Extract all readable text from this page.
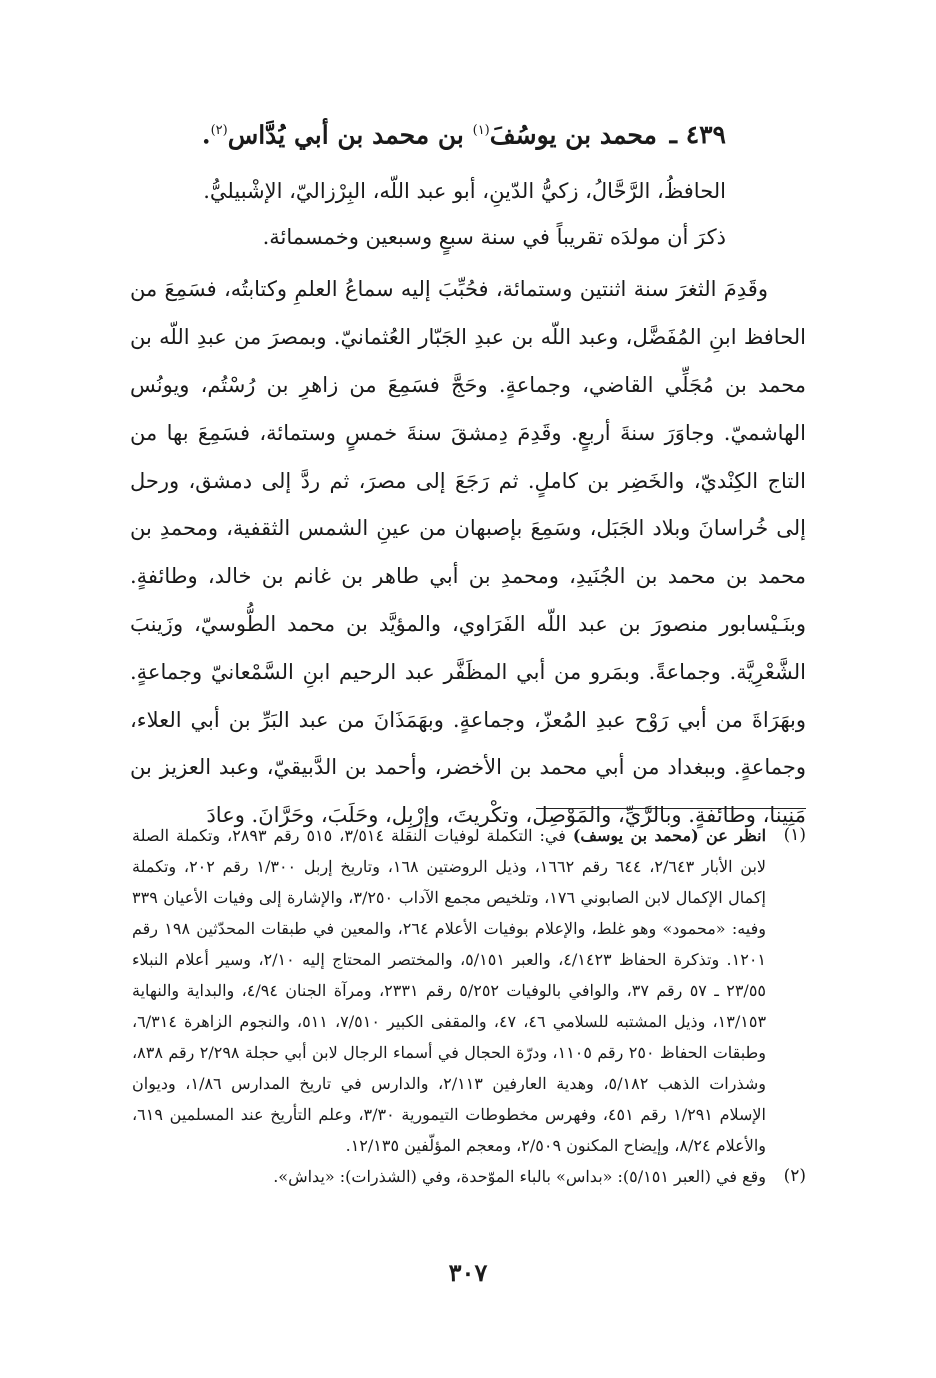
٤٣٩ ـ محمد بن يوسُفَ$^{(١)}$ بن محمد بن أبي يُدَّاس$^{(٢)}$.

الحافظُ، الرَّحَّالُ، زكيُّ الدّينِ، أبو عبد اللّه، البِرْزاليّ، الإشْبيليُّ.

ذكرَ أن مولدَه تقريباً في سنة سبعٍ وسبعين وخمسمائة.

وقَدِمَ الثغرَ سنة اثنتين وستمائة، فحُبِّبَ إليه سماعُ العلمِ وكتابتُه، فسَمِعَ من الحافظ ابنِ المُفَضَّل، وعبد اللّه بن عبدِ الجَبّار العُثمانيّ. وبمصرَ من عبدِ اللّه بن محمد بن مُجَلِّي القاضي، وجماعةٍ. وحَجَّ فسَمِعَ من زاهرِ بن رُسْتُم، ويونُس الهاشميّ. وجاوَرَ سنةَ أربعٍ. وقَدِمَ دِمشقَ سنةَ خمسٍ وستمائة، فسَمِعَ بها من التاج الكِنْديّ، والخَضِر بن كاملٍ. ثم رَجَعَ إلى مصرَ، ثم ردَّ إلى دمشق، ورحل إلى خُراسانَ وبلاد الجَبَل، وسَمِعَ بإصبهان من عينِ الشمس الثقفية، ومحمدِ بن محمد بن محمد بن الجُنَيدِ، ومحمدِ بن أبي طاهر بن غانم بن خالد، وطائفةٍ. وبنَـيْسابور منصورَ بن عبد اللّه الفَرَاوي، والمؤيَّد بن محمد الطُّوسيّ، وزَينبَ الشَّعْرِيَّة. وجماعةً. وبمَرو من أبي المظَفَّر عبد الرحيم ابنِ السَّمْعانيّ وجماعةٍ. وبهَرَاةَ من أبي رَوْح عبدِ المُعزّ، وجماعةٍ. وبهَمَذَانَ من عبد البَرِّ بن أبي العلاء، وجماعةٍ. وببغداد من أبي محمد بن الأخضر، وأحمد بن الدَّبيقيّ، وعبد العزيز بن مَنِينا، وطائفةٍ. وبالرَّيِّ، والمَوْصِل، وتكْريتَ، وإرْبِل، وحَلَبَ، وحَرَّانَ. وعادَ

(١)
انظر عن (محمد بن يوسف) في: التكملة لوفيات النقلة ٣/٥١٤، ٥١٥ رقم ٢٨٩٣، وتكملة الصلة لابن الأبار ٢/٦٤٣، ٦٤٤ رقم ١٦٦٢، وذيل الروضتين ١٦٨، وتاريخ إربل ١/٣٠٠ رقم ٢٠٢، وتكملة إكمال الإكمال لابن الصابوني ١٧٦، وتلخيص مجمع الآداب ٣/٢٥٠، والإشارة إلى وفيات الأعيان ٣٣٩ وفيه: «محمود» وهو غلط، والإعلام بوفيات الأعلام ٢٦٤، والمعين في طبقات المحدّثين ١٩٨ رقم ١٢٠١. وتذكرة الحفاظ ٤/١٤٢٣، والعبر ٥/١٥١، والمختصر المحتاج إليه ٢/١٠، وسير أعلام النبلاء ٢٣/٥٥ ـ ٥٧ رقم ٣٧، والوافي بالوفيات ٥/٢٥٢ رقم ٢٣٣١، ومرآة الجنان ٤/٩٤، والبداية والنهاية ١٣/١٥٣، وذيل المشتبه للسلامي ٤٦، ٤٧، والمقفى الكبير ٧/٥١٠، ٥١١، والنجوم الزاهرة ٦/٣١٤، وطبقات الحفاظ ٢٥٠ رقم ١١٠٥، ودرّة الحجال في أسماء الرجال لابن أبي حجلة ٢/٢٩٨ رقم ٨٣٨، وشذرات الذهب ٥/١٨٢، وهدية العارفين ٢/١١٣، والدارس في تاريخ المدارس ١/٨٦، وديوان الإسلام ١/٢٩١ رقم ٤٥١، وفهرس مخطوطات التيمورية ٣/٣٠، وعلم التأريخ عند المسلمين ٦١٩، والأعلام ٨/٢٤، وإيضاح المكنون ٢/٥٠٩، ومعجم المؤلّفين ١٢/١٣٥.
(٢)
وقع في (العبر ٥/١٥١): «بداس» بالباء الموّحدة، وفي (الشذرات): «يداش».
٣٠٧
